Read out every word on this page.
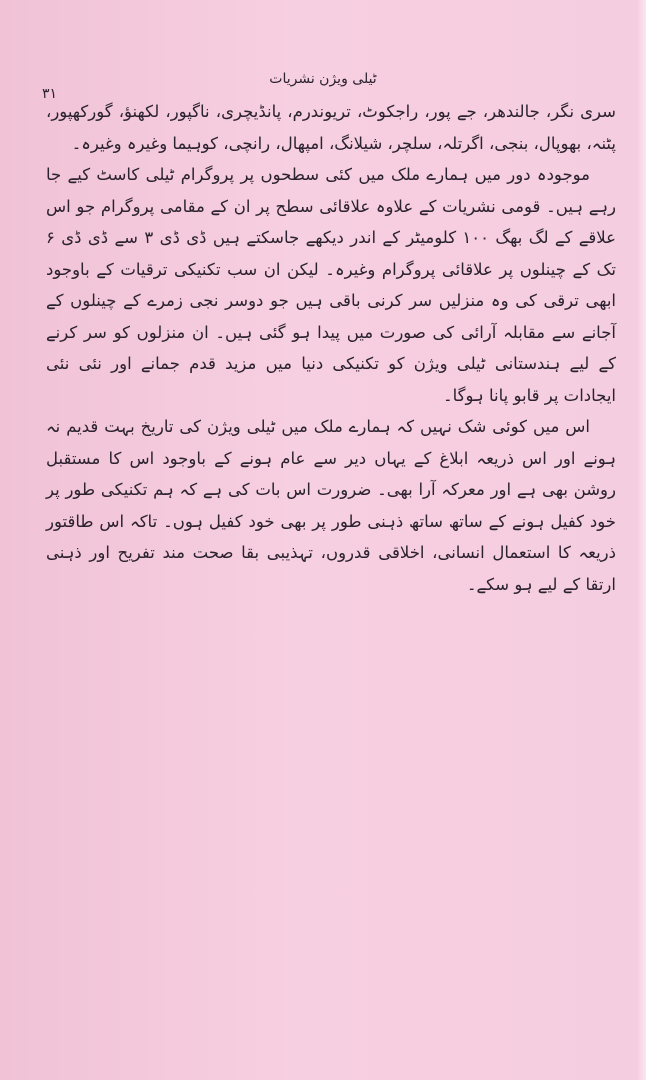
ٹیلی ویژن نشریات
۳۱

سری نگر، جالندھر، جے پور، راجکوٹ، تریوندرم، پانڈیچری، ناگپور، لکھنؤ، گورکھپور، پٹنہ، بھوپال، بنجی، اگرتلہ، سلچر، شیلانگ، امپھال، رانچی، کوہیما وغیرہ وغیرہ۔

موجودہ دور میں ہمارے ملک میں کئی سطحوں پر پروگرام ٹیلی کاسٹ کیے جا رہے ہیں۔ قومی نشریات کے علاوہ علاقائی سطح پر ان کے مقامی پروگرام جو اس علاقے کے لگ بھگ ۱۰۰ کلومیٹر کے اندر دیکھے جاسکتے ہیں ڈی ڈی ۳ سے ڈی ڈی ۶ تک کے چینلوں پر علاقائی پروگرام وغیرہ۔ لیکن ان سب تکنیکی ترقیات کے باوجود ابھی ترقی کی وہ منزلیں سر کرنی باقی ہیں جو دوسر نجی زمرے کے چینلوں کے آجانے سے مقابلہ آرائی کی صورت میں پیدا ہو گئی ہیں۔ ان منزلوں کو سر کرنے کے لیے ہندستانی ٹیلی ویژن کو تکنیکی دنیا میں مزید قدم جمانے اور نئی نئی ایجادات پر قابو پانا ہوگا۔

اس میں کوئی شک نہیں کہ ہمارے ملک میں ٹیلی ویژن کی تاریخ بہت قدیم نہ ہونے اور اس ذریعہ ابلاغ کے یہاں دیر سے عام ہونے کے باوجود اس کا مستقبل روشن بھی ہے اور معرکہ آرا بھی۔ ضرورت اس بات کی ہے کہ ہم تکنیکی طور پر خود کفیل ہونے کے ساتھ ساتھ ذہنی طور پر بھی خود کفیل ہوں۔ تاکہ اس طاقتور ذریعہ کا استعمال انسانی، اخلاقی قدروں، تہذیبی بقا صحت مند تفریح اور ذہنی ارتقا کے لیے ہو سکے۔
